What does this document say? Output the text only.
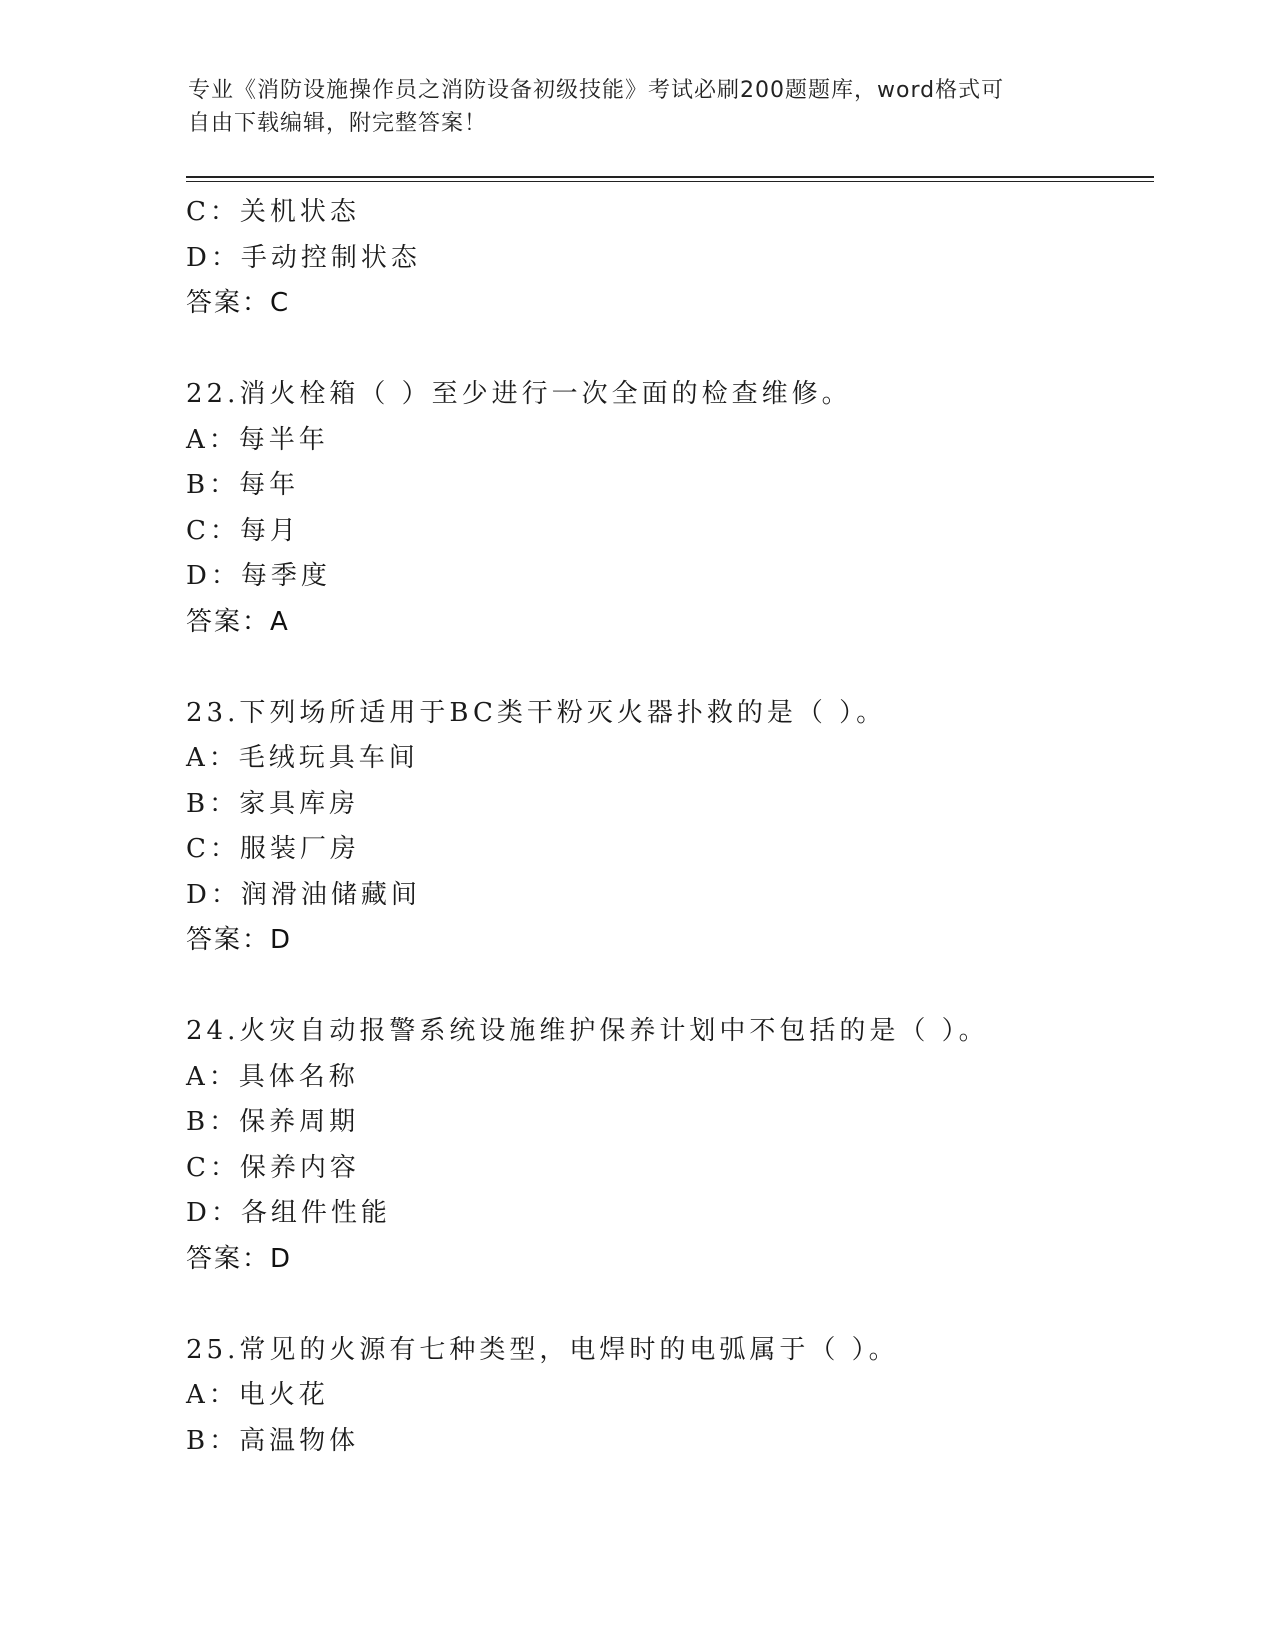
专业《消防设施操作员之消防设备初级技能》考试必刷200题题库，word格式可
自由下载编辑，附完整答案！
C：关机状态
D：手动控制状态
答案：C
22.消火栓箱（ ）至少进行一次全面的检查维修。
A：每半年
B：每年
C：每月
D：每季度
答案：A
23.下列场所适用于BC类干粉灭火器扑救的是（ ）。
A：毛绒玩具车间
B：家具库房
C：服装厂房
D：润滑油储藏间
答案：D
24.火灾自动报警系统设施维护保养计划中不包括的是（ ）。
A：具体名称
B：保养周期
C：保养内容
D：各组件性能
答案：D
25.常见的火源有七种类型，电焊时的电弧属于（ ）。
A：电火花
B：高温物体
